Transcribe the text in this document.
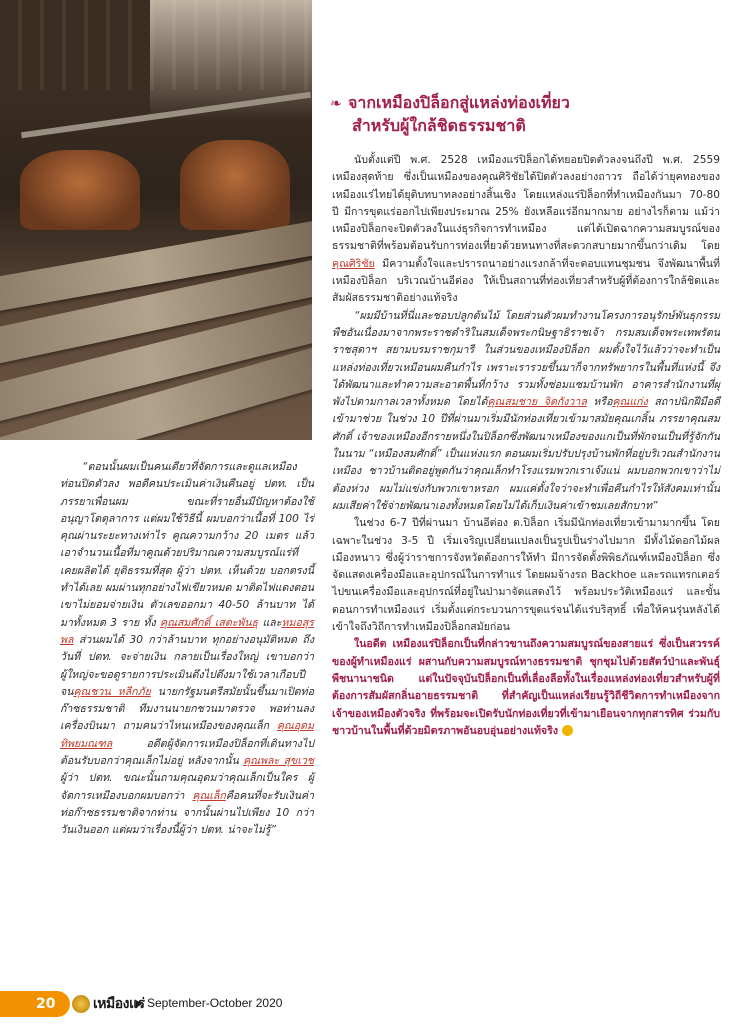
❧ จากเหมืองปิล็อกสู่แหล่งท่องเที่ยว
สำหรับผู้ใกล้ชิดธรรมชาติ

นับตั้งแต่ปี พ.ศ. 2528 เหมืองแร่ปิล็อกได้ทยอยปิดตัวลงจนถึงปี พ.ศ. 2559 เหมืองสุดท้าย ซึ่งเป็นเหมืองของคุณศิริชัยได้ปิดตัวลงอย่างถาวร ถือได้ว่ายุคทองของเหมืองแร่ไทยได้ยุติบทบาทลงอย่างสิ้นเชิง โดยแหล่งแร่ปิล็อกที่ทำเหมืองกันมา 70-80 ปี มีการขุดแร่ออกไปเพียงประมาณ 25% ยังเหลือแร่อีกมากมาย อย่างไรก็ตาม แม้ว่าเหมืองปิล็อกจะปิดตัวลงในแง่ธุรกิจการทำเหมือง แต่ได้เปิดฉากความสมบูรณ์ของธรรมชาติที่พร้อมต้อนรับการท่องเที่ยวด้วยหนทางที่สะดวกสบายมากขึ้นกว่าเดิม โดยคุณศิริชัย มีความตั้งใจและปรารถนาอย่างแรงกล้าที่จะตอบแทนชุมชน จึงพัฒนาพื้นที่เหมืองปิล็อก บริเวณบ้านอีต่อง ให้เป็นสถานที่ท่องเที่ยวสำหรับผู้ที่ต้องการใกล้ชิดและสัมผัสธรรมชาติอย่างแท้จริง

“ผมมีบ้านที่นี่และชอบปลูกต้นไม้ โดยส่วนตัวผมทำงานโครงการอนุรักษ์พันธุกรรมพืชอันเนื่องมาจากพระราชดำริในสมเด็จพระกนิษฐาธิราชเจ้า กรมสมเด็จพระเทพรัตนราชสุดาฯ สยามบรมราชกุมารี ในส่วนของเหมืองปิล็อก ผมตั้งใจไว้แล้วว่าจะทำเป็นแหล่งท่องเที่ยวเหมือนผมคืนกำไร เพราะเรารวยขึ้นมาก็จากทรัพยากรในพื้นที่แห่งนี้ จึงได้พัฒนาและทำความสะอาดพื้นที่กว้าง รวมทั้งซ่อมแซมบ้านพัก อาคารสำนักงานที่ผุพังไปตามกาลเวลาทั้งหมด โดยได้คุณสมชาย จิตกังวาล หรือคุณแก่ง สถาปนิกฝีมือดีเข้ามาช่วย ในช่วง 10 ปีที่ผ่านมาเริ่มมีนักท่องเที่ยวเข้ามาสมัยคุณเกลิ้น ภรรยาคุณสมศักดิ์ เจ้าของเหมืองอีกรายหนึ่งในปิล็อกซึ่งพัฒนาเหมืองของแกเป็นที่พักจนเป็นที่รู้จักกันในนาม “เหมืองสมศักดิ์” เป็นแห่งแรก ตอนผมเริ่มปรับปรุงบ้านพักที่อยู่บริเวณสำนักงานเหมือง ชาวบ้านติดอยู่พูดกันว่าคุณเล็กทำโรงแรมพวกเราเจ๊งแน่ ผมบอกพวกเขาว่าไม่ต้องห่วง ผมไม่แข่งกับพวกเขาหรอก ผมแค่ตั้งใจว่าจะทำเพื่อคืนกำไรให้สังคมเท่านั้น ผมเสียค่าใช้จ่ายพัฒนาเองทั้งหมดโดยไม่ได้เก็บเงินค่าเข้าชมเลยสักบาท”

ในช่วง 6-7 ปีที่ผ่านมา บ้านอีต่อง ต.ปิล็อก เริ่มมีนักท่องเที่ยวเข้ามามากขึ้น โดยเฉพาะในช่วง 3-5 ปี เริ่มเจริญเปลี่ยนแปลงเป็นรูปเป็นร่างไปมาก มีทั้งไม้ดอกไม้ผลเมืองหนาว ซึ่งผู้ว่าราชการจังหวัดต้องการให้ทำ มีการจัดตั้งพิพิธภัณฑ์เหมืองปิล็อก ซึ่งจัดแสดงเครื่องมือและอุปกรณ์ในการทำแร่ โดยผมจ้างรถ Backhoe และรถแทรกเตอร์ไปขนเครื่องมือและอุปกรณ์ที่อยู่ในป่ามาจัดแสดงไว้ พร้อมประวัติเหมืองแร่ และขั้นตอนการทำเหมืองแร่ เริ่มตั้งแต่กระบวนการขุดแร่จนได้แร่บริสุทธิ์ เพื่อให้คนรุ่นหลังได้เข้าใจถึงวิถีการทำเหมืองปิล็อกสมัยก่อน

ในอดีต เหมืองแร่ปิล็อกเป็นที่กล่าวขานถึงความสมบูรณ์ของสายแร่ ซึ่งเป็นสวรรค์ของผู้ทำเหมืองแร่ ผสานกับความสมบูรณ์ทางธรรมชาติ ชุกชุมไปด้วยสัตว์ป่าและพันธุ์พืชนานาชนิด แต่ในปัจจุบันปิล็อกเป็นที่เลื่องลือทั้งในเรื่องแหล่งท่องเที่ยวสำหรับผู้ที่ต้องการสัมผัสกลิ่นอายธรรมชาติ ที่สำคัญเป็นแหล่งเรียนรู้วิถีชีวิตการทำเหมืองจากเจ้าของเหมืองตัวจริง ที่พร้อมจะเปิดรับนักท่องเที่ยวที่เข้ามาเยือนจากทุกสารทิศ ร่วมกับชาวบ้านในพื้นที่ด้วยมิตรภาพอันอบอุ่นอย่างแท้จริง

“ตอนนั้นผมเป็นคนเดียวที่จัดการและดูแลเหมืองท่อนปิดตัวลง พอดีคนประเมินค่าเงินคืนอยู่ ปตท. เป็นภรรยาเพื่อนผม ขณะที่รายอื่นมีปัญหาต้องใช้อนุญาโตตุลาการ แต่ผมใช้วิธีนี้ ผมบอกว่าเนื้อที่ 100 ไร่ คุณผ่านระยะทางเท่าไร คูณความกว้าง 20 เมตร แล้วเอาจำนวนเนื้อที่มาคูณด้วยปริมาณความสมบูรณ์แร่ที่เคยผลิตได้ ยุติธรรมที่สุด ผู้ว่า ปตท. เห็นด้วย บอกตรงนี้ทำได้เลย ผมผ่านทุกอย่างไฟเขียวหมด มาติดไฟแดงตอนเขาไม่ยอมจ่ายเงิน ตัวเลขออกมา 40-50 ล้านบาท ได้มาทั้งหมด 3 ราย ทั้ง คุณสมศักดิ์ เสตะพันธุ และหมอสุรพล ส่วนผมได้ 30 กว่าล้านบาท ทุกอย่างอนุมัติหมด ถึงวันที่ ปตท. จะจ่ายเงิน กลายเป็นเรื่องใหญ่ เขาบอกว่าผู้ใหญ่จะขอดูรายการประเมินดึงไปดึงมาใช้เวลาเกือบปี จนคุณชวน หลีกภัย นายกรัฐมนตรีสมัยนั้นขึ้นมาเปิดท่อก๊าซธรรมชาติ ทีมงานนายกชวนมาตรวจ พอท่านลงเครื่องบินมา ถามคนว่าไหนเหมืองของคุณเล็ก คุณอุดม ทิพยมณฑล อดีตผู้จัดการเหมืองปิล็อกที่เดินทางไปต้อนรับบอกว่าคุณเล็กไม่อยู่ หลังจากนั้น คุณพละ สุขเวช ผู้ว่า ปตท. ขณะนั้นถามคุณอุดมว่าคุณเล็กเป็นใคร ผู้จัดการเหมืองบอกผมบอกว่า คุณเล็กคือคนที่จะรับเงินค่าท่อก๊าซธรรมชาติจากท่าน จากนั้นผ่านไปเพียง 10 กว่าวันเงินออก แต่ผมว่าเรื่องนี้ผู้ว่า ปตท. น่าจะไม่รู้”

20	เหมืองแร่ September-October 2020
